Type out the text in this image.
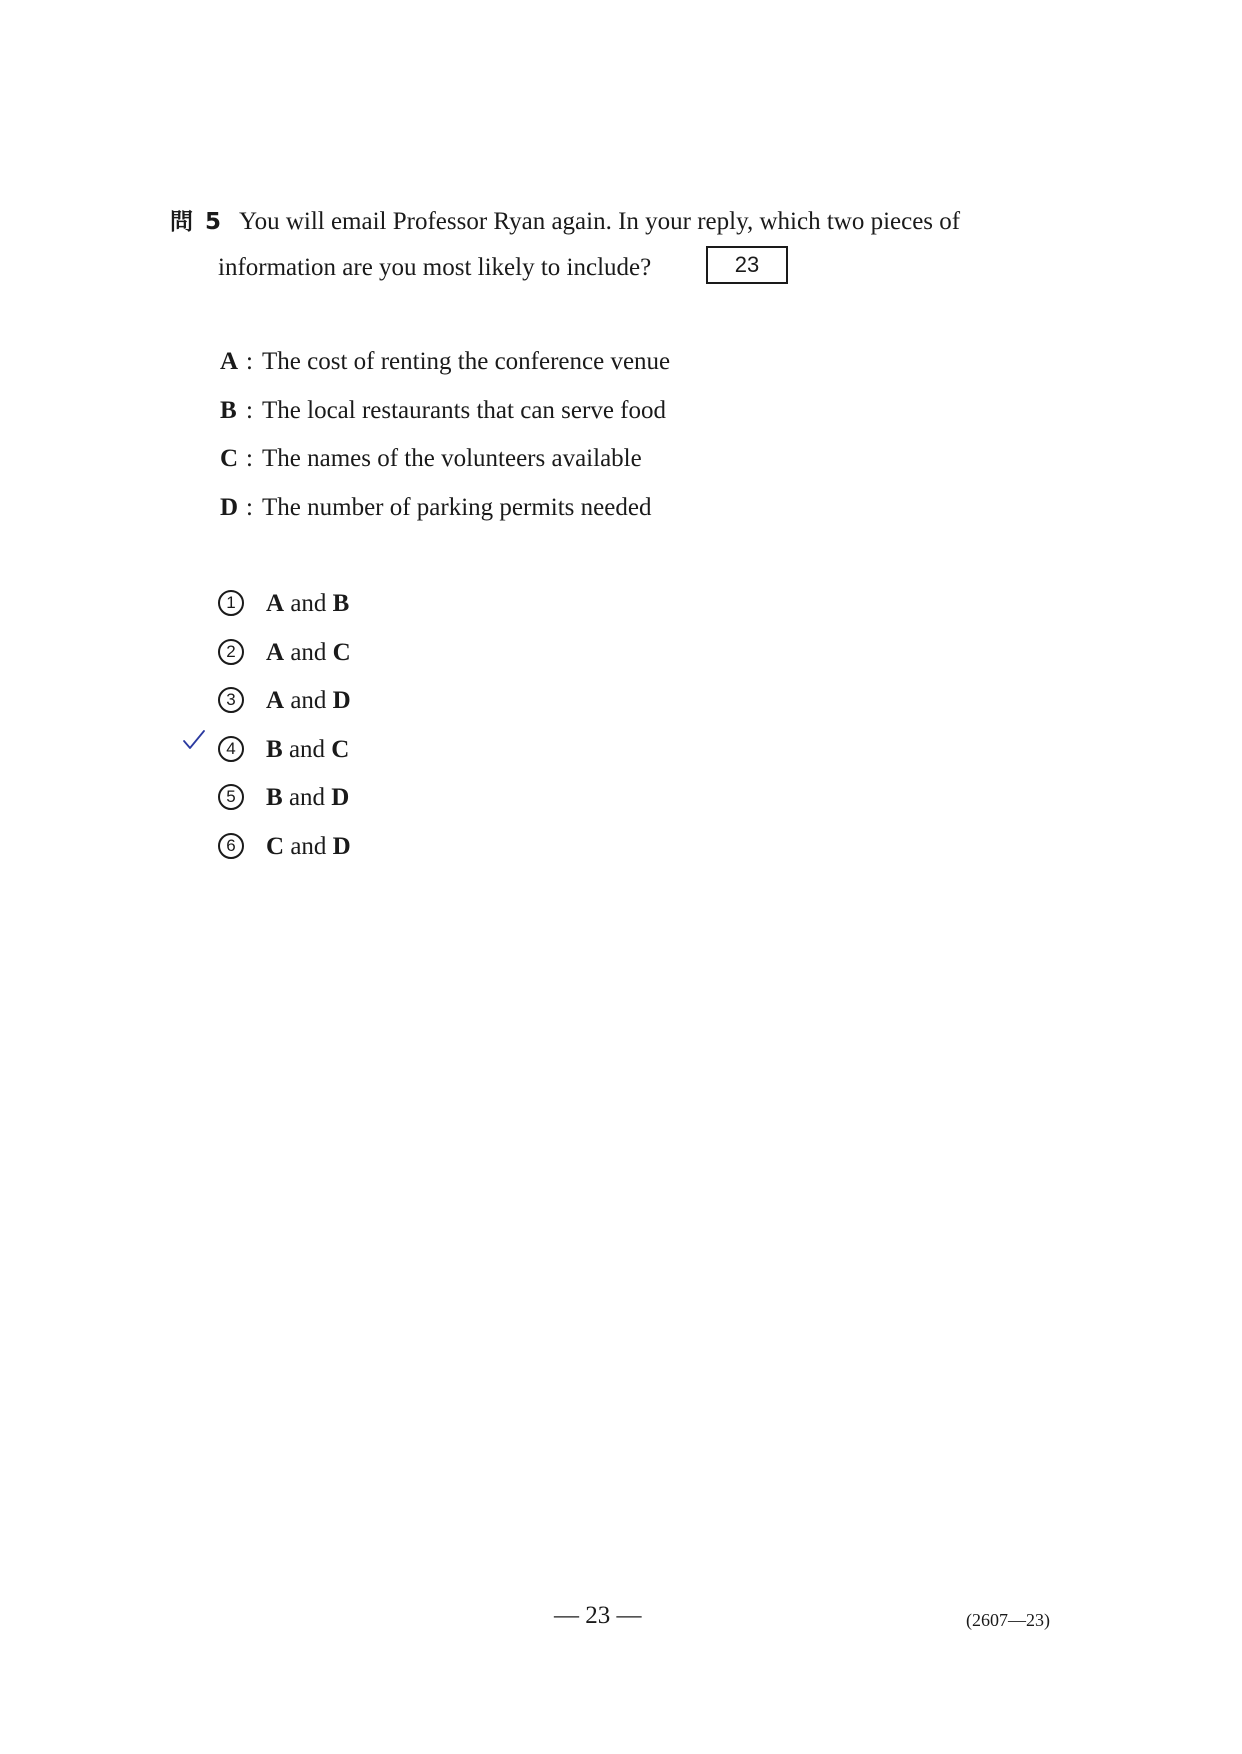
問 5 You will email Professor Ryan again. In your reply, which two pieces of
information are you most likely to include?	23
A : The cost of renting the conference venue
B : The local restaurants that can serve food
C : The names of the volunteers available
D : The number of parking permits needed
1 A and B
2 A and C
3 A and D
4 B and C
5 B and D
6 C and D
— 23 —	(2607—23)
